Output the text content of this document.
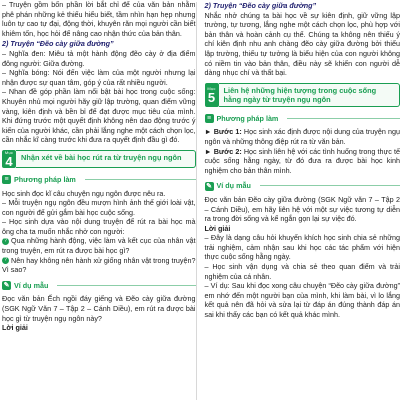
– Truyện gồm bốn phần lời bắt chỉ để của văn bản nhằm phê phán những kẻ thiếu hiểu biết, tầm nhìn hạn hẹp nhưng luôn tự cao tự đại, động thời, khuyên răn mọi người cần biết khiêm tốn, học hỏi để nâng cao nhận thức của bản thân.

2) Truyện “Đẽo cày giữa đường”

– Nghĩa đen: Miêu tả một hành động đẽo cày ở địa điểm đông người: Giữa đường.

– Nghĩa bóng: Nói đến việc làm của một người nhưng lại nhận được sự quan tâm, góp ý của rất nhiều người.

– Nhan đề góp phần làm nổi bật bài học trong cuộc sống: Khuyên nhủ mọi người hãy giữ lập trường, quan điểm vững vàng, kiên định và bền bỉ để đạt được mục tiêu của mình. Khi đứng trước một quyết định không nên dao động trước ý kiến của người khác, cần phải lắng nghe một cách chọn lọc, cần nhắc kĩ càng trước khi đưa ra quyết định đầu gì đó.

Mục
4	Nhận xét về bài học rút ra từ truyện ngụ ngôn
≡ Phương pháp làm

Học sinh đọc kĩ câu chuyện ngụ ngôn được nêu ra.

– Mỗi truyện ngụ ngôn đều mượn hình ảnh thế giới loài vật, con người để gửi gắm bài học cuộc sống.

– Học sinh dựa vào nội dung truyện để rút ra bài học mà ông cha ta muốn nhắc nhở con người:

? Qua những hành động, việc làm và kết cục của nhân vật trong truyện, em rút ra được bài học gì?

? Nên hay không nên hành xử giống nhân vật trong truyện? Vì sao?

✎ Ví dụ mẫu

Đọc văn bản Ếch ngồi đáy giếng và Đẽo cày giữa đường (SGK Ngữ Văn 7 – Tập 2 – Cánh Diều), em rút ra được bài học gì từ truyện ngụ ngôn này?

Lời giải

2) Truyện “Đẽo cày giữa đường”

Nhắc nhở chúng ta bài học về sự kiên định, giữ vững lập trường, tự tương, lắng nghe một cách chọn lọc, phù hợp với bản thân và hoàn cảnh cụ thể. Chúng ta không nên thiếu ý chí kiên định nhu anh chàng đẽo cày giữa đường bởi thiếu lập trường, thiếu tự tưởng là biểu hiện của con người không có niềm tin vào bản thân, điều này sẽ khiến con người dễ dàng nhục chí và thất bại.

Mục
5	Liên hệ những hiện tượng trong cuộc sống hằng ngày từ truyện ngụ ngôn
≡ Phương pháp làm

► Bước 1: Học sinh xác định được nội dung của truyện ngụ ngôn và những thông điệp rút ra từ văn bản.

► Bước 2: Học sinh liên hệ với các tình huống trong thực tế cuộc sống hằng ngày, từ đó đưa ra được bài học kinh nghiệm cho bản thân mình.

✎ Ví dụ mẫu

Đọc văn bản Đẽo cày giữa đường (SGK Ngữ văn 7 – Tập 2 – Cánh Diều), em hãy liên hệ với một sự việc tương tự diễn ra trong đời sống và kể ngắn gọn lại sự việc đó.

Lời giải

– Đây là dạng câu hỏi khuyến khích học sinh chia sẻ những trải nghiệm, cảm nhận sau khi học các tác phẩm với hiện thực cuộc sống hằng ngày.

– Học sinh vận dụng và chia sẻ theo quan điểm và trải nghiệm của cá nhân.

– Ví dụ: Sau khi đọc xong câu chuyện “Đẽo cày giữa đường” em nhớ đến một người bạn của mình, khi làm bài, vì lo lắng kết quả nên đã hỏi và sửa lại từ đáp án đúng thành đáp án sai khi thấy các bạn có kết quả khác mình.
